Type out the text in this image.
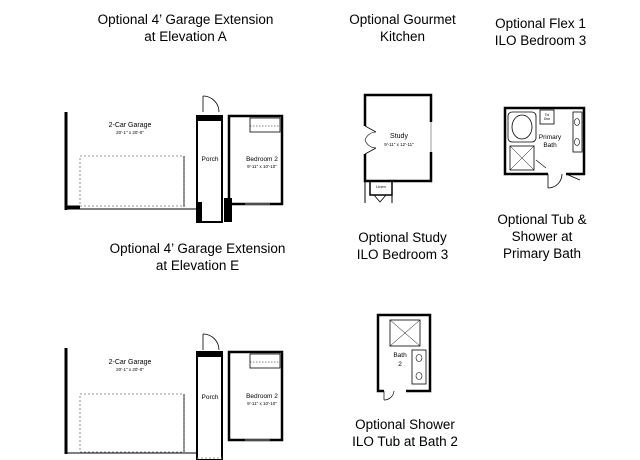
Optional 4’ Garage Extension
at Elevation A
Optional Gourmet
Kitchen
Optional Flex 1
ILO Bedroom 3
Optional 4’ Garage Extension
at Elevation E
Optional Study
ILO Bedroom 3
Optional Tub &
Shower at
Primary Bath
Optional Shower
ILO Tub at Bath 2
2-Car Garage
20'-1" x 20'-0"
Porch	Bedroom 2
9'-11" x 10'-10"
2-Car Garage
20'-1" x 20'-0"
Porch	Bedroom 2
9'-11" x 10'-10"
Study
9'-11" x 12'-11"
Linen
Toi
Dwr
Primary
Bath
Bath
2
